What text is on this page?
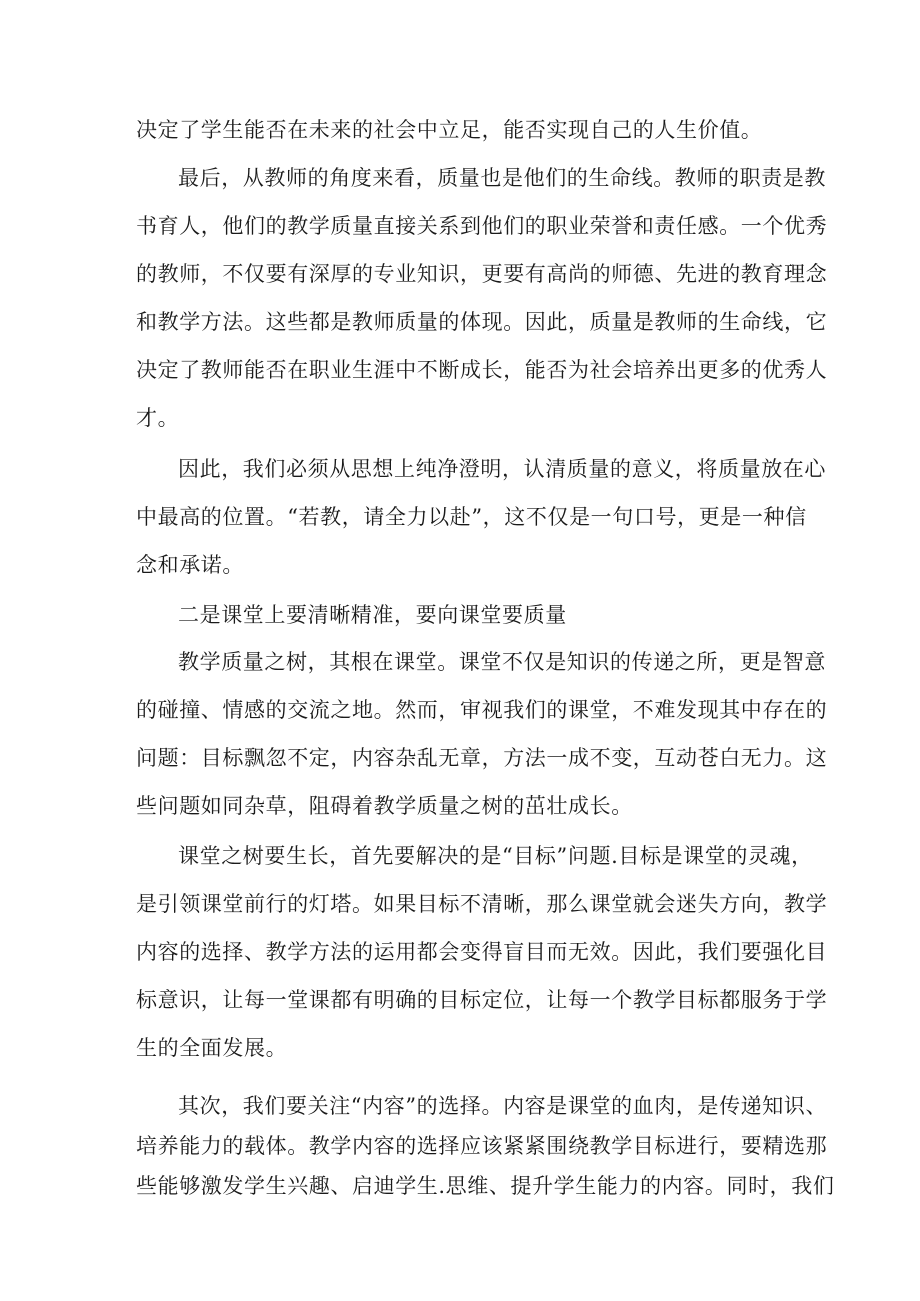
决定了学生能否在未来的社会中立足，能否实现自己的人生价值。
最后，从教师的角度来看，质量也是他们的生命线。教师的职责是教
书育人，他们的教学质量直接关系到他们的职业荣誉和责任感。一个优秀
的教师，不仅要有深厚的专业知识，更要有高尚的师德、先进的教育理念
和教学方法。这些都是教师质量的体现。因此，质量是教师的生命线，它
决定了教师能否在职业生涯中不断成长，能否为社会培养出更多的优秀人
才。
因此，我们必须从思想上纯净澄明，认清质量的意义，将质量放在心
中最高的位置。“若教，请全力以赴”，这不仅是一句口号，更是一种信
念和承诺。
二是课堂上要清晰精准，要向课堂要质量
教学质量之树，其根在课堂。课堂不仅是知识的传递之所，更是智意
的碰撞、情感的交流之地。然而，审视我们的课堂，不难发现其中存在的
问题：目标飘忽不定，内容杂乱无章，方法一成不变，互动苍白无力。这
些问题如同杂草，阻碍着教学质量之树的茁壮成长。
课堂之树要生长，首先要解决的是“目标”问题.目标是课堂的灵魂，
是引领课堂前行的灯塔。如果目标不清晰，那么课堂就会迷失方向，教学
内容的选择、教学方法的运用都会变得盲目而无效。因此，我们要强化目
标意识，让每一堂课都有明确的目标定位，让每一个教学目标都服务于学
生的全面发展。
其次，我们要关注“内容”的选择。内容是课堂的血肉，是传递知识、
培养能力的载体。教学内容的选择应该紧紧围绕教学目标进行，要精选那
些能够激发学生兴趣、启迪学生.思维、提升学生能力的内容。同时，我们
